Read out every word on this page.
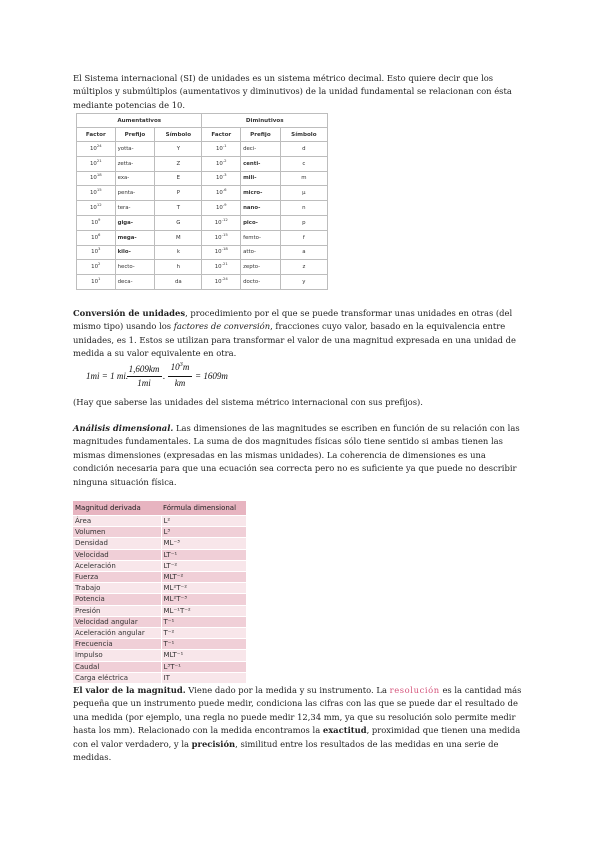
El Sistema internacional (SI) de unidades es un sistema métrico decimal. Esto quiere decir que los múltiplos y submúltiplos (aumentativos y diminutivos) de la unidad fundamental se relacionan con ésta mediante potencias de 10.
Aumentativos			Diminutivos		
Factor	Prefijo	Símbolo	Factor	Prefijo	Símbolo
$10^{24}$	yotta-	Y	$10^{-1}$	deci-	d
$10^{21}$	zetta-	Z	$10^{-2}$	centi-	c
$10^{18}$	exa-	E	$10^{-3}$	mili-	m
$10^{15}$	penta-	P	$10^{-6}$	micro-	μ
$10^{12}$	tera-	T	$10^{-9}$	nano-	n
$10^9$	giga-	G	$10^{-12}$	pico-	p
$10^6$	mega-	M	$10^{-15}$	femto-	f
$10^3$	kilo-	k	$10^{-18}$	atto-	a
$10^2$	hecto-	h	$10^{-21}$	zepto-	z
$10^1$	deca-	da	$10^{-24}$	docto-	y
Conversión de unidades, procedimiento por el que se puede transformar unas unidades en otras (del mismo tipo) usando los factores de conversión, fracciones cuyo valor, basado en la equivalencia entre unidades, es 1. Estos se utilizan para transformar el valor de una magnitud expresada en una unidad de medida a su valor equivalente en otra.
1mi = 1 mi.
1,609km
1mi
.
$10^3m$
km
= 1609m
(Hay que saberse las unidades del sistema métrico internacional con sus prefijos).
Análisis dimensional. Las dimensiones de las magnitudes se escriben en función de su relación con las magnitudes fundamentales. La suma de dos magnitudes físicas sólo tiene sentido si ambas tienen las mismas dimensiones (expresadas en las mismas unidades). La coherencia de dimensiones es una condición necesaria para que una ecuación sea correcta pero no es suficiente ya que puede no describir ninguna situación física.
Magnitud derivada	Fórmula dimensional
Área	L²
Volumen	L³
Densidad	ML⁻³
Velocidad	LT⁻¹
Aceleración	LT⁻²
Fuerza	MLT⁻²
Trabajo	ML²T⁻²
Potencia	ML²T⁻³
Presión	ML⁻¹T⁻²
Velocidad angular	T⁻¹
Aceleración angular	T⁻²
Frecuencia	T⁻¹
Impulso	MLT⁻¹
Caudal	L³T⁻¹
Carga eléctrica	IT
El valor de la magnitud. Viene dado por la medida y su instrumento. La resolución es la cantidad más pequeña que un instrumento puede medir, condiciona las cifras con las que se puede dar el resultado de una medida (por ejemplo, una regla no puede medir 12,34 mm, ya que su resolución solo permite medir hasta los mm). Relacionado con la medida encontramos la exactitud, proximidad que tienen una medida con el valor verdadero, y la precisión, similitud entre los resultados de las medidas en una serie de medidas.
